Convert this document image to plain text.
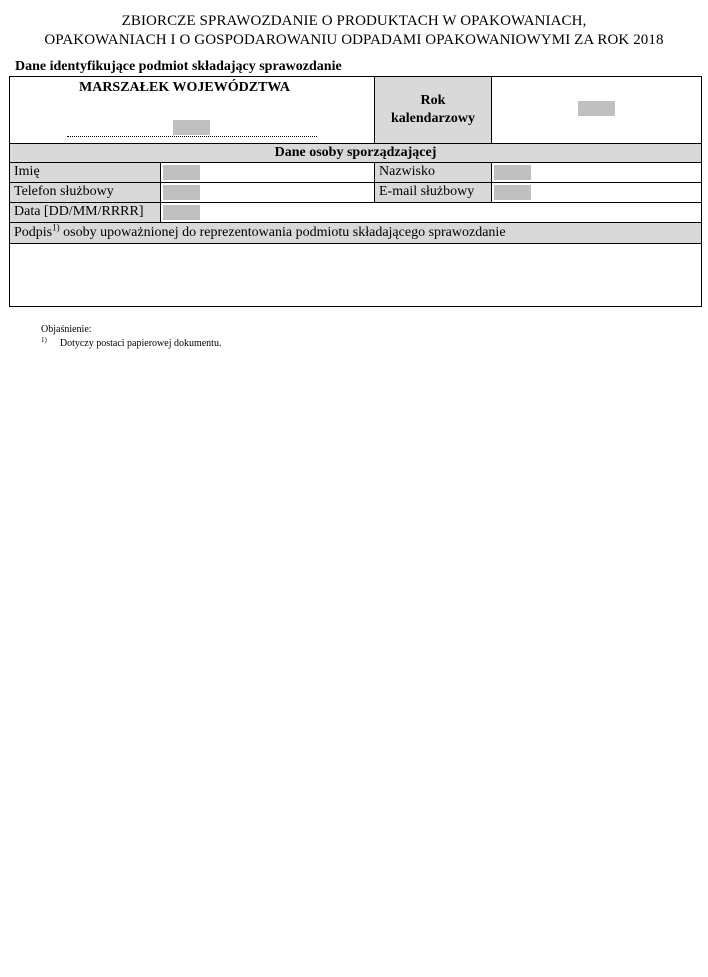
ZBIORCZE SPRAWOZDANIE O PRODUKTACH W OPAKOWANIACH,
OPAKOWANIACH I O GOSPODAROWANIU ODPADAMI OPAKOWANIOWYMI ZA ROK 2018
Dane identyfikujące podmiot składający sprawozdanie
MARSZAŁEK WOJEWÓDZTWA
Rok
kalendarzowy
Dane osoby sporządzającej
Imię	Nazwisko
Telefon służbowy	E-mail służbowy
Data [DD/MM/RRRR]
Podpis$^{1)}$ osoby upoważnionej do reprezentowania podmiotu składającego sprawozdanie
Objaśnienie:
$^{1)}$ Dotyczy postaci papierowej dokumentu.
